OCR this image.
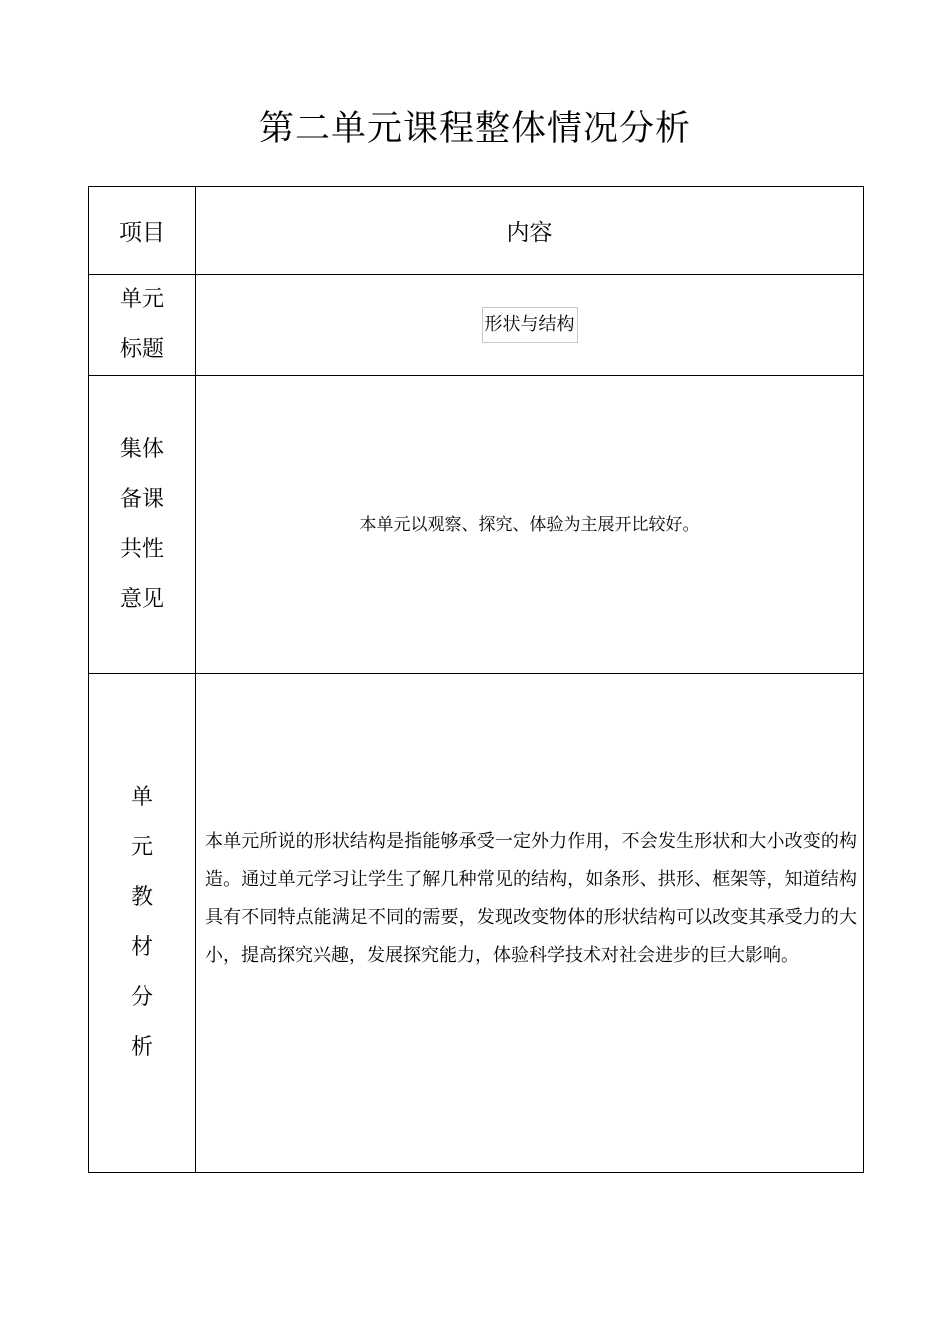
第二单元课程整体情况分析
项目	内容
单元标题	形状与结构
集体备课共性意见	本单元以观察、探究、体验为主展开比较好。
单元教材分析	本单元所说的形状结构是指能够承受一定外力作用，不会发生形状和大小改变的构造。通过单元学习让学生了解几种常见的结构，如条形、拱形、框架等，知道结构具有不同特点能满足不同的需要，发现改变物体的形状结构可以改变其承受力的大小，提高探究兴趣，发展探究能力，体验科学技术对社会进步的巨大影响。
